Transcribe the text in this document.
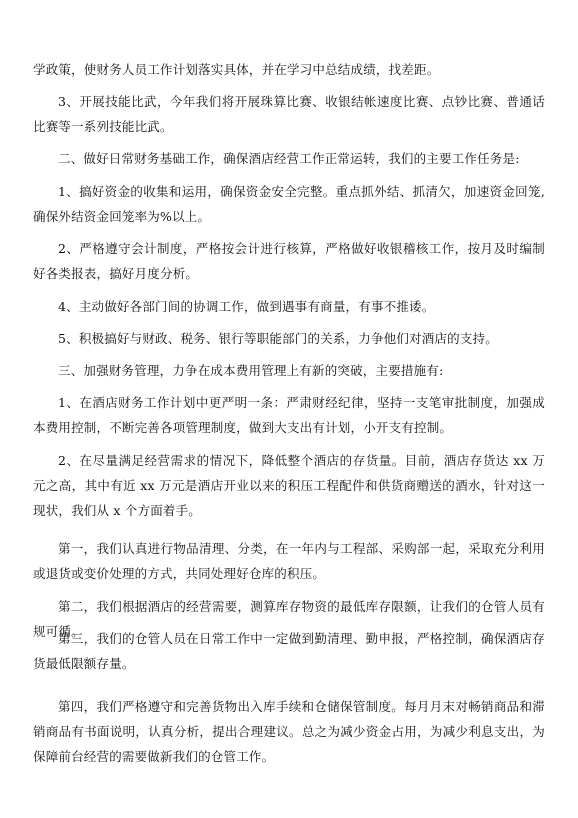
学政策，使财务人员工作计划落实具体，并在学习中总结成绩，找差距。

3、开展技能比武，今年我们将开展珠算比赛、收银结帐速度比赛、点钞比赛、普通话比赛等一系列技能比武。

二、做好日常财务基础工作，确保酒店经营工作正常运转，我们的主要工作任务是:

1、搞好资金的收集和运用，确保资金安全完整。重点抓外结、抓清欠，加速资金回笼,确保外结资金回笼率为%以上。

2、严格遵守会计制度，严格按会计进行核算，严格做好收银稽核工作，按月及时编制好各类报表，搞好月度分析。

4、主动做好各部门间的协调工作，做到遇事有商量，有事不推诿。

5、积极搞好与财政、税务、银行等职能部门的关系，力争他们对酒店的支持。

三、加强财务管理，力争在成本费用管理上有新的突破，主要措施有:

1、在酒店财务工作计划中更严明一条：严肃财经纪律，坚持一支笔审批制度，加强成本费用控制，不断完善各项管理制度，做到大支出有计划，小开支有控制。

2、在尽量满足经营需求的情况下，降低整个酒店的存货量。目前，酒店存货达 xx 万元之高，其中有近 xx 万元是酒店开业以来的积压工程配件和供货商赠送的酒水，针对这一现状，我们从 x 个方面着手。

第一，我们认真进行物品清理、分类，在一年内与工程部、采购部一起，采取充分利用或退货或变价处理的方式，共同处理好仓库的积压。

第二，我们根据酒店的经营需要，测算库存物资的最低库存限额，让我们的仓管人员有规可循。

第三，我们的仓管人员在日常工作中一定做到勤清理、勤申报，严格控制，确保酒店存货最低限额存量。

第四，我们严格遵守和完善货物出入库手续和仓储保管制度。每月月末对畅销商品和滞销商品有书面说明，认真分析，提出合理建议。总之为减少资金占用，为减少利息支出，为保障前台经营的需要做新我们的仓管工作。
